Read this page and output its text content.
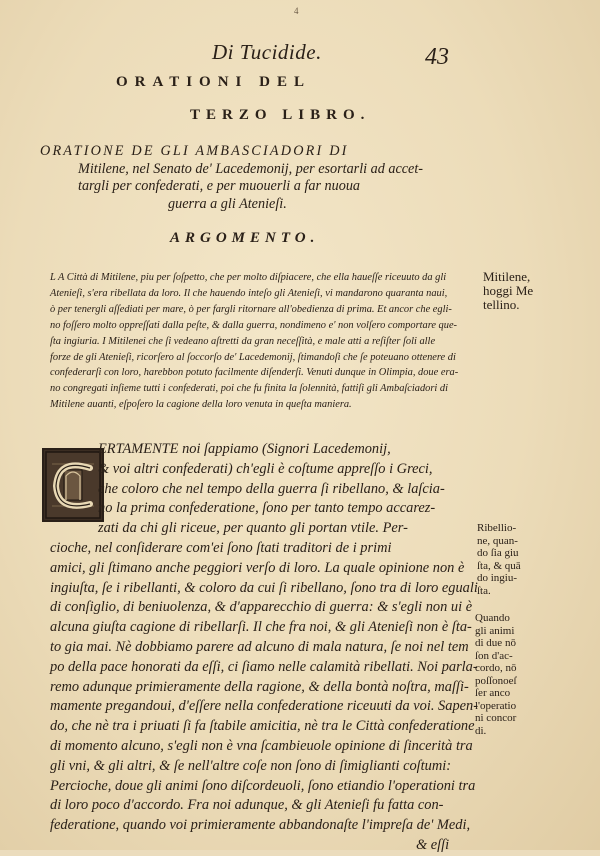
4
Di Tucidide.	43
ORATIONI DEL
TERZO LIBRO.
ORATIONE DE GLI AMBASCIADORI DI
Mitilene, nel Senato de' Lacedemonij, per esortarli ad accet-
targli per confederati, e per muouerli a far nuoua
guerra a gli Atenieſi.
ARGOMENTO.
L A Città di Mitilene, piu per ſoſpetto, che per molto diſpiacere, che ella haueſſe riceuuto da gli
Atenieſi, s'era ribellata da loro. Il che hauendo inteſo gli Atenieſi, vi mandarono quaranta naui,
ò per tenergli aſſediati per mare, ò per fargli ritornare all'obedienza di prima. Et ancor che egli-
no foſſero molto oppreſſati dalla peſte, & dalla guerra, nondimeno e' non volſero comportare que-
ſta ingiuria. I Mitilenei che ſi vedeano aſtretti da gran neceſſità, e male atti a reſiſter ſoli alle
forze de gli Atenieſi, ricorſero al ſoccorſo de' Lacedemonij, ſtimandoſi che ſe poteuano ottenere di
confederarſi con loro, harebbon potuto facilmente diſenderſi. Venuti dunque in Olimpia, doue era-
no congregati inſieme tutti i confederati, poi che fu finita la ſolennità, fattiſi gli Ambaſciadori di
Mitilene auanti, eſpoſero la cagione della loro venuta in queſta maniera.
Mitilene,
hoggi Me
tellino.
ERTAMENTE noi ſappiamo (Signori Lacedemonij,
& voi altri confederati) ch'egli è coſtume appreſſo i Greci,
che coloro che nel tempo della guerra ſi ribellano, & laſcia-
no la prima confederatione, ſono per tanto tempo accarez-
zati da chi gli riceue, per quanto gli portan vtile. Per-
cioche, nel conſiderare com'ei ſono ſtati traditori de i primi
amici, gli ſtimano anche peggiori verſo di loro. La quale opinione non è
ingiuſta, ſe i ribellanti, & coloro da cui ſi ribellano, ſono tra di loro eguali
di conſiglio, di beniuolenza, & d'apparecchio di guerra: & s'egli non ui è
alcuna giuſta cagione di ribellarſi. Il che fra noi, & gli Atenieſi non è ſta-
to gia mai. Nè dobbiamo parere ad alcuno di mala natura, ſe noi nel tem
po della pace honorati da eſſi, ci ſiamo nelle calamità ribellati. Noi parla-
remo adunque primieramente della ragione, & della bontà noſtra, maſſi-
mamente pregandoui, d'eſſere nella confederatione riceuuti da voi. Sapen-
do, che nè tra i priuati ſi fa ſtabile amicitia, nè tra le Città confederatione
di momento alcuno, s'egli non è vna ſcambieuole opinione di ſincerità tra
gli vni, & gli altri, & ſe nell'altre coſe non ſono di ſimiglianti coſtumi:
Percioche, doue gli animi ſono diſcordeuoli, ſono etiandio l'operationi tra
di loro poco d'accordo. Fra noi adunque, & gli Atenieſi fu fatta con-
federatione, quando voi primieramente abbandonaſte l'impreſa de' Medi,
& eſſi
Ribellio-
ne, quan-
do ſia giu
ſta, & quā
do ingiu-
ſta.
Quando
gli animi
di due nō
ſon d'ac-
cordo, nō
poſſonoeſ
ſer anco
l'operatio
ni concor
di.
